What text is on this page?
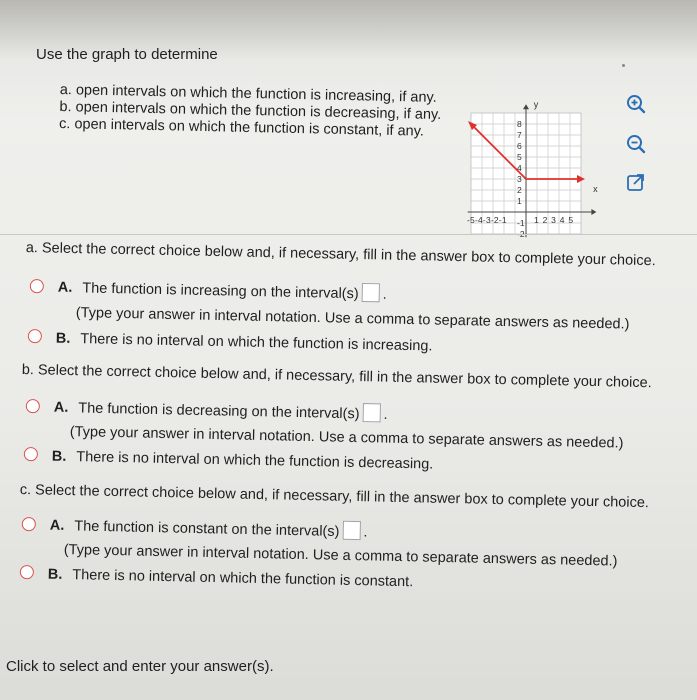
Use the graph to determine
a. open intervals on which the function is increasing, if any.
b. open intervals on which the function is decreasing, if any.
c. open intervals on which the function is constant, if any.
x
y
8
7
6
5
4
3
2
1
-1
-5-4-3-2-1	1 2 3 4 5
a. Select the correct choice below and, if necessary, fill in the answer box to complete your choice.
A. The function is increasing on the interval(s) .
(Type your answer in interval notation. Use a comma to separate answers as needed.)
B. There is no interval on which the function is increasing.
b. Select the correct choice below and, if necessary, fill in the answer box to complete your choice.
A. The function is decreasing on the interval(s) .
(Type your answer in interval notation. Use a comma to separate answers as needed.)
B. There is no interval on which the function is decreasing.
c. Select the correct choice below and, if necessary, fill in the answer box to complete your choice.
A. The function is constant on the interval(s) .
(Type your answer in interval notation. Use a comma to separate answers as needed.)
B. There is no interval on which the function is constant.
Click to select and enter your answer(s).
